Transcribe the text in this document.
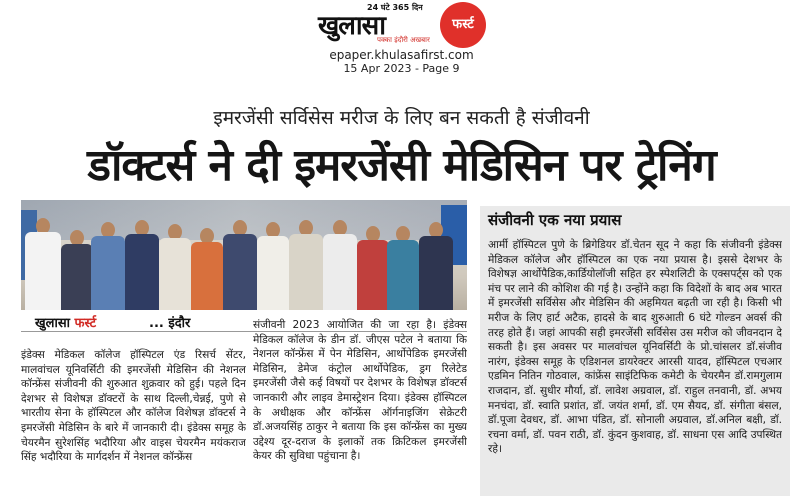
24 घंटे 365 दिन
खुलासा	फर्स्ट
पक्का इंदौरी अखबार
epaper.khulasafirst.com
15 Apr 2023 - Page 9
इमरजेंसी सर्विसेस मरीज के लिए बन सकती है संजीवनी
डॉक्टर्स ने दी इमरजेंसी मेडिसिन पर ट्रेनिंग
खुलासा फर्स्ट	... इंदौर
इंडेक्स मेडिकल कॉलेज हॉस्पिटल एंड रिसर्च सेंटर, मालवांचल यूनिवर्सिटी की इमरजेंसी मेडिसिन की नेशनल कॉन्फ्रेंस संजीवनी की शुरुआत शुक्रवार को हुई। पहले दिन देशभर से विशेषज्ञ डॉक्टरों के साथ दिल्ली,चेन्नई, पुणे से भारतीय सेना के हॉस्पिटल और कॉलेज विशेषज्ञ डॉक्टर्स ने इमरजेंसी मेडिसिन के बारे में जानकारी दी। इंडेक्स समूह के चेयरमैन सुरेशसिंह भदौरिया और वाइस चेयरमैन मयंकराज सिंह भदौरिया के मार्गदर्शन में नेशनल कॉन्फ्रेंस
संजीवनी 2023 आयोजित की जा रहा है। इंडेक्स मेडिकल कॉलेज के डीन डॉ. जीएस पटेल ने बताया कि नेशनल कॉन्फ्रेंस में पेन मेडिसिन, आर्थोपेडिक इमरजेंसी मेडिसिन, डेमेज कंट्रोल आर्थोपेडिक, ड्रग रिलेटेड इमरजेंसी जैसे कई विषयों पर देशभर के विशेषज्ञ डॉक्टर्स जानकारी और लाइव डेमास्ट्रेशन दिया। इंडेक्स हॉस्पिटल के अधीक्षक और कॉन्फ्रेंस ऑर्गनाइजिंग सेक्रेटरी डॉ.अजयसिंह ठाकुर ने बताया कि इस कॉन्फ्रेंस का मुख्य उद्देश्य दूर-दराज के इलाकों तक क्रिटिकल इमरजेंसी केयर की सुविधा पहुंचाना है।
संजीवनी एक नया प्रयास
आर्मी हॉस्पिटल पुणे के ब्रिगेडियर डॉ.चेतन सूद ने कहा कि संजीवनी इंडेक्स मेडिकल कॉलेज और हॉस्पिटल का एक नया प्रयास है। इससे देशभर के विशेषज्ञ आर्थोपैडिक,कार्डियोलॉजी सहित हर स्पेशलिटी के एक्सपर्ट्स को एक मंच पर लाने की कोशिश की गई है। उन्होंने कहा कि विदेशों के बाद अब भारत में इमरजेंसी सर्विसेस और मेडिसिन की अहमियत बढ़ती जा रही है। किसी भी मरीज के लिए हार्ट अटैक, हादसे के बाद शुरुआती 6 घंटे गोल्डन अवर्स की तरह होते हैं। जहां आपकी सही इमरजेंसी सर्विसेस उस मरीज को जीवनदान दे सकती है। इस अवसर पर मालवांचल यूनिवर्सिटी के प्रो.चांसलर डॉ.संजीव नारंग, इंडेक्स समूह के एडिशनल डायरेक्टर आरसी यादव, हॉस्पिटल एचआर एडमिन नितिन गोठवाल, कांफ्रेंस साइंटिफिक कमेटी के चेयरमैन डॉ.रामगुलाम राजदान, डॉ. सुधीर मौर्या, डॉ. लावेश अग्रवाल, डॉ. राहुल तनवानी, डॉ. अभय मनचंदा, डॉ. स्वाति प्रशांत, डॉ. जयंत शर्मा, डॉ. एम सैयद, डॉ. संगीता बंसल, डॉ.पूजा देवधर, डॉ. आभा पंडित, डॉ. सोनाली अग्रवाल, डॉ.अनिल बक्षी, डॉ. रचना वर्मा, डॉ. पवन राठी, डॉ. कुंदन कुशवाह, डॉ. साधना एस आदि उपस्थित रहे।
